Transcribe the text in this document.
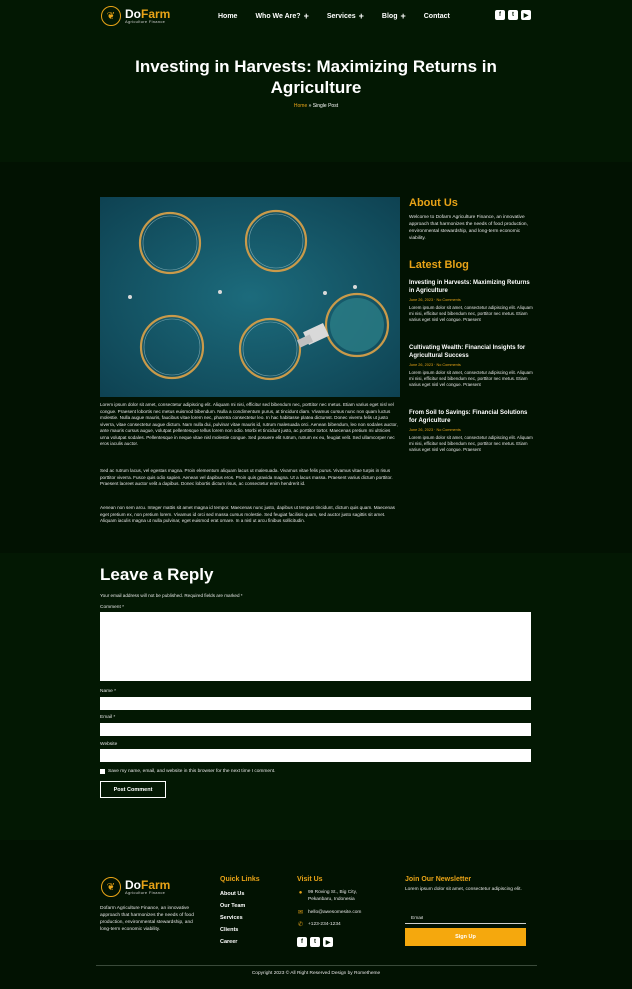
❦ DoFarm
Agriculture Finance
Home	Who We Are? +	Services +	Blog +	Contact	f	t	▶
Investing in Harvests: Maximizing Returns in Agriculture
Home » Single Post

Lorem ipsum dolor sit amet, consectetur adipiscing elit. Aliquam mi nisi, efficitur sed bibendum nec, porttitor nec metus. Etiam varius eget nisl vel congue. Praesent lobortis nec metus euismod bibendum. Nulla a condimentum purus, at tincidunt diam. Vivamus cursus nunc non quam luctus molestie. Nulla augue mauris, faucibus vitae lorem nec, pharetra consectetur leo. In hac habitasse platea dictumst. Donec viverra felis ut justo viverra, vitae consectetur augue dictum. Nam nulla dui, pulvinar vitae mauris id, rutrum malesuada orci. Aenean bibendum, leo non sodales auctor, ante mauris cursus augue, volutpat pellentesque tellus lorem non odio. Morbi et tincidunt justo, ac porttitor tortor. Maecenas pretium mi ultricies urna volutpat sodales. Pellentesque in neque vitae nisl molestie congue. Sed posuere elit rutrum, rutrum ex eu, feugiat velit. Sed ullamcorper nec eros iaculis auctor.

Sed ac rutrum lacus, vel egestas magna. Proin elementum aliquam lacus ut malesuada. Vivamus vitae felis purus. Vivamus vitae turpis in risus porttitor viverra. Fusce quis odio sapien. Aenean vel dapibus eros. Proin quis gravida magna. Ut a lacus massa. Praesent varius dictum porttitor. Praesent laoreet auctor velit a dapibus. Donec lobortis dictum risus, ac consectetur enim hendrerit id.

Aenean non sem arcu. Integer mattis sit amet magna id tempor. Maecenas nunc justo, dapibus ut tempus tincidunt, dictum quis quam. Maecenas eget pretium ex, non pretium lorem. Vivamus id orci sed massa cursus molestie. Sed feugiat facilisis quam, sed auctor justo sagittis sit amet. Aliquam iaculis magna ut nulla pulvinar, eget euismod erat ornare. In a nisl ut arcu finibus sollicitudin.

About Us

Welcome to Dofarm Agriculture Finance, an innovative approach that harmonizes the needs of food production, environmental stewardship, and long-term economic viability.

Latest Blog
Investing in Harvests: Maximizing Returns in Agriculture
June 26, 2023 · No Comments
Lorem ipsum dolor sit amet, consectetur adipiscing elit. Aliquam mi nisi, efficitur sed bibendum nec, porttitor nec metus. Etiam varius eget nisl vel congue. Praesent
Cultivating Wealth: Financial Insights for Agricultural Success
June 26, 2023 · No Comments
Lorem ipsum dolor sit amet, consectetur adipiscing elit. Aliquam mi nisi, efficitur sed bibendum nec, porttitor nec metus. Etiam varius eget nisl vel congue. Praesent
From Soil to Savings: Financial Solutions for Agriculture
June 26, 2023 · No Comments
Lorem ipsum dolor sit amet, consectetur adipiscing elit. Aliquam mi nisi, efficitur sed bibendum nec, porttitor nec metus. Etiam varius eget nisl vel congue. Praesent
Leave a Reply

Your email address will not be published. Required fields are marked *

Comment *
Name *
Email *
Website
Save my name, email, and website in this browser for the next time I comment.
Post Comment
❦ DoFarm
Agriculture Finance

Dofarm Agriculture Finance, an innovative approach that harmonizes the needs of food production, environmental stewardship, and long-term economic viability.

Quick Links
About Us
Our Team
Services
Clients
Career
Visit Us
●	99 Roving St., Big City,
Pekanbaru, Indonesia
✉ hello@awesomesite.com
✆ +123-234-1234
f	t	▶
Join Our Newsletter

Lorem ipsum dolor sit amet, consectetur adipiscing elit.

Email
Sign Up
Copyright 2023 © All Right Reserved Design by Rometheme
